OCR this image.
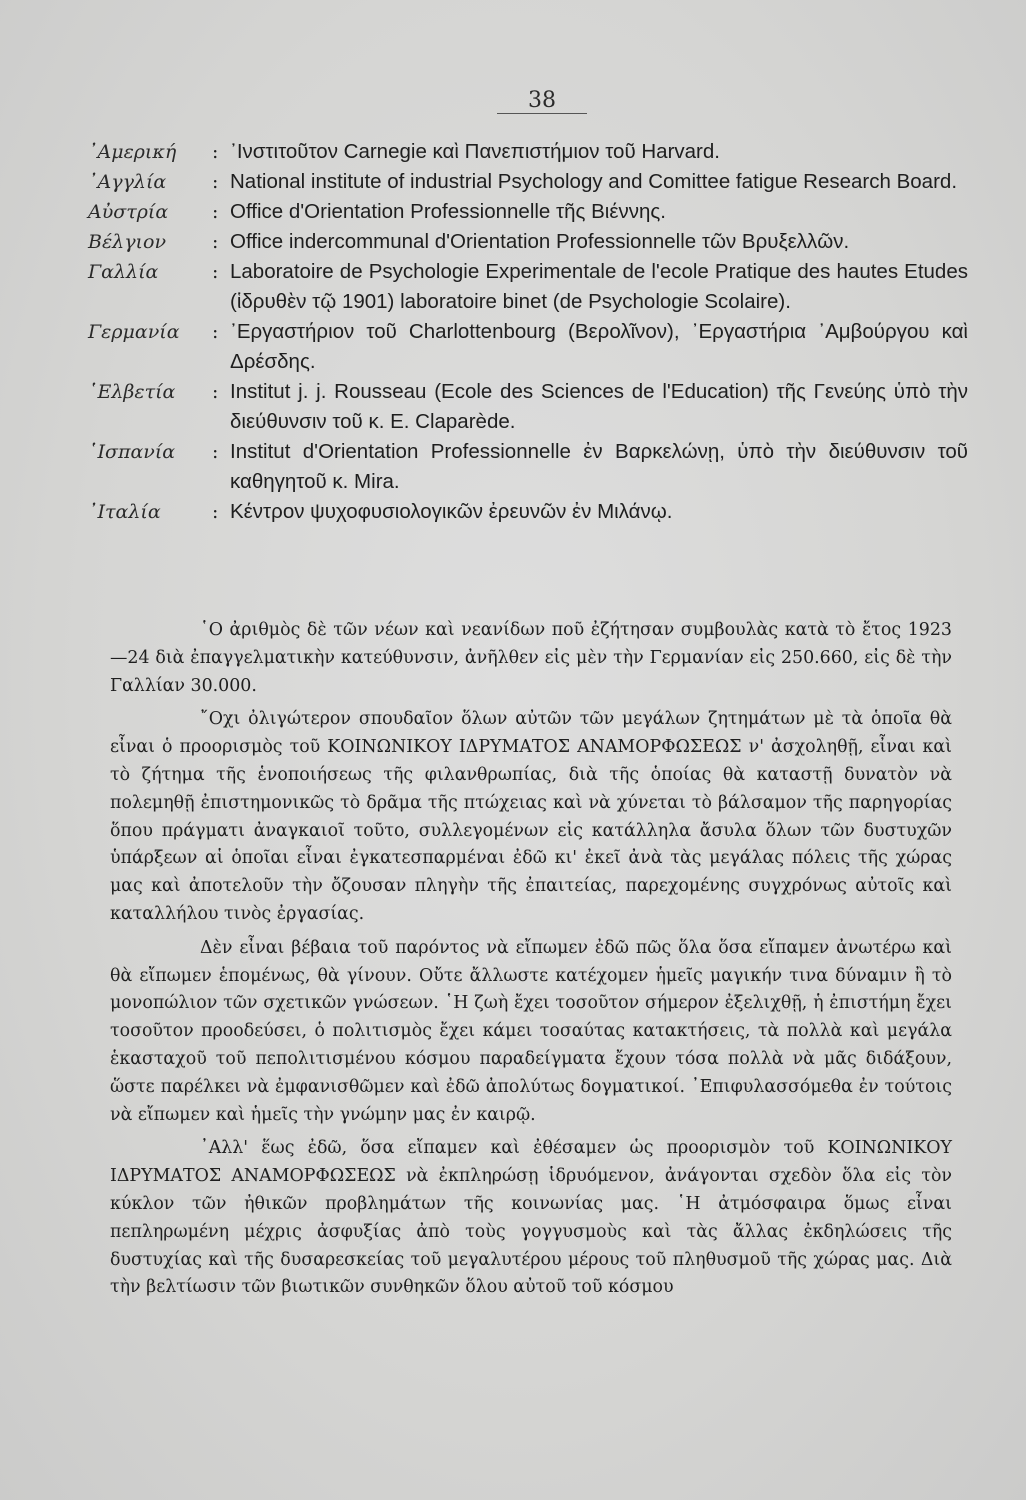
38
᾿Αμερική	: ᾿Ινστιτοῦτον Carnegie καὶ Πανεπιστήμιον τοῦ Harvard.
᾿Αγγλία	: National institute of industrial Psychology and Comittee fatigue Research Board.
Αὐστρία	: Office d'Orientation Professionnelle τῆς Βιέννης.
Βέλγιον	: Office indercommunal d'Orientation Professionnelle τῶν Βρυξελλῶν.
Γαλλία	: Laboratoire de Psychologie Experimentale de l'ecole Pratique des hautes Etudes (ἱδρυθὲν τῷ 1901) laboratoire binet (de Psychologie Scolaire).
Γερμανία	: ᾿Εργαστήριον τοῦ Charlottenbourg (Βερολῖνον), ᾿Εργαστήρια ᾿Αμβούργου καὶ Δρέσδης.
῾Ελβετία	: Institut j. j. Rousseau (Ecole des Sciences de l'Education) τῆς Γενεύης ὑπὸ τὴν διεύθυνσιν τοῦ κ. E. Claparède.
῾Ισπανία	: Institut d'Orientation Professionnelle ἐν Βαρκελώνῃ, ὑπὸ τὴν διεύθυνσιν τοῦ καθηγητοῦ κ. Mira.
᾿Ιταλία	: Κέντρον ψυχοφυσιολογικῶν ἐρευνῶν ἐν Μιλάνῳ.

῾Ο ἀριθμὸς δὲ τῶν νέων καὶ νεανίδων ποῦ ἐζήτησαν συμβουλὰς κατὰ τὸ ἔτος 1923—24 διὰ ἐπαγγελματικὴν κατεύθυνσιν, ἀνῆλθεν εἰς μὲν τὴν Γερμανίαν εἰς 250.660, εἰς δὲ τὴν Γαλλίαν 30.000.

῎Οχι ὀλιγώτερον σπουδαῖον ὅλων αὐτῶν τῶν μεγάλων ζητημάτων μὲ τὰ ὁποῖα θὰ εἶναι ὁ προορισμὸς τοῦ ΚΟΙΝΩΝΙΚΟΥ ΙΔΡΥΜΑΤΟΣ ΑΝΑΜΟΡΦΩΣΕΩΣ ν' ἀσχοληθῇ, εἶναι καὶ τὸ ζήτημα τῆς ἑνοποιήσεως τῆς φιλανθρωπίας, διὰ τῆς ὁποίας θὰ καταστῇ δυνατὸν νὰ πολεμηθῇ ἐπιστημονικῶς τὸ δρᾶμα τῆς πτώχειας καὶ νὰ χύνεται τὸ βάλσαμον τῆς παρηγορίας ὅπου πράγματι ἀναγκαιοῖ τοῦτο, συλλεγομένων εἰς κατάλληλα ἄσυλα ὅλων τῶν δυστυχῶν ὑπάρξεων αἱ ὁποῖαι εἶναι ἐγκατεσπαρμέναι ἐδῶ κι' ἐκεῖ ἀνὰ τὰς μεγάλας πόλεις τῆς χώρας μας καὶ ἀποτελοῦν τὴν ὄζουσαν πληγὴν τῆς ἐπαιτείας, παρεχομένης συγχρόνως αὐτοῖς καὶ καταλλήλου τινὸς ἐργασίας.

Δὲν εἶναι βέβαια τοῦ παρόντος νὰ εἴπωμεν ἐδῶ πῶς ὅλα ὅσα εἴπαμεν ἀνωτέρω καὶ θὰ εἴπωμεν ἑπομένως, θὰ γίνουν. Οὔτε ἄλλωστε κατέχομεν ἡμεῖς μαγικήν τινα δύναμιν ἢ τὸ μονοπώλιον τῶν σχετικῶν γνώσεων. ῾Η ζωὴ ἔχει τοσοῦτον σήμερον ἐξελιχθῇ, ἡ ἐπιστήμη ἔχει τοσοῦτον προοδεύσει, ὁ πολιτισμὸς ἔχει κάμει τοσαύτας κατακτήσεις, τὰ πολλὰ καὶ μεγάλα ἑκασταχοῦ τοῦ πεπολιτισμένου κόσμου παραδείγματα ἔχουν τόσα πολλὰ νὰ μᾶς διδάξουν, ὥστε παρέλκει νὰ ἐμφανισθῶμεν καὶ ἐδῶ ἀπολύτως δογματικοί. ᾿Επιφυλασσόμεθα ἐν τούτοις νὰ εἴπωμεν καὶ ἡμεῖς τὴν γνώμην μας ἐν καιρῷ.

᾿Αλλ' ἕως ἐδῶ, ὅσα εἴπαμεν καὶ ἐθέσαμεν ὡς προορισμὸν τοῦ ΚΟΙΝΩΝΙΚΟΥ ΙΔΡΥΜΑΤΟΣ ΑΝΑΜΟΡΦΩΣΕΩΣ νὰ ἐκπληρώσῃ ἱδρυόμενον, ἀνάγονται σχεδὸν ὅλα εἰς τὸν κύκλον τῶν ἠθικῶν προβλημάτων τῆς κοινωνίας μας. ῾Η ἀτμόσφαιρα ὅμως εἶναι πεπληρωμένη μέχρις ἀσφυξίας ἀπὸ τοὺς γογγυσμοὺς καὶ τὰς ἄλλας ἐκδηλώσεις τῆς δυστυχίας καὶ τῆς δυσαρεσκείας τοῦ μεγαλυτέρου μέρους τοῦ πληθυσμοῦ τῆς χώρας μας. Διὰ τὴν βελτίωσιν τῶν βιωτικῶν συνθηκῶν ὅλου αὐτοῦ τοῦ κόσμου
